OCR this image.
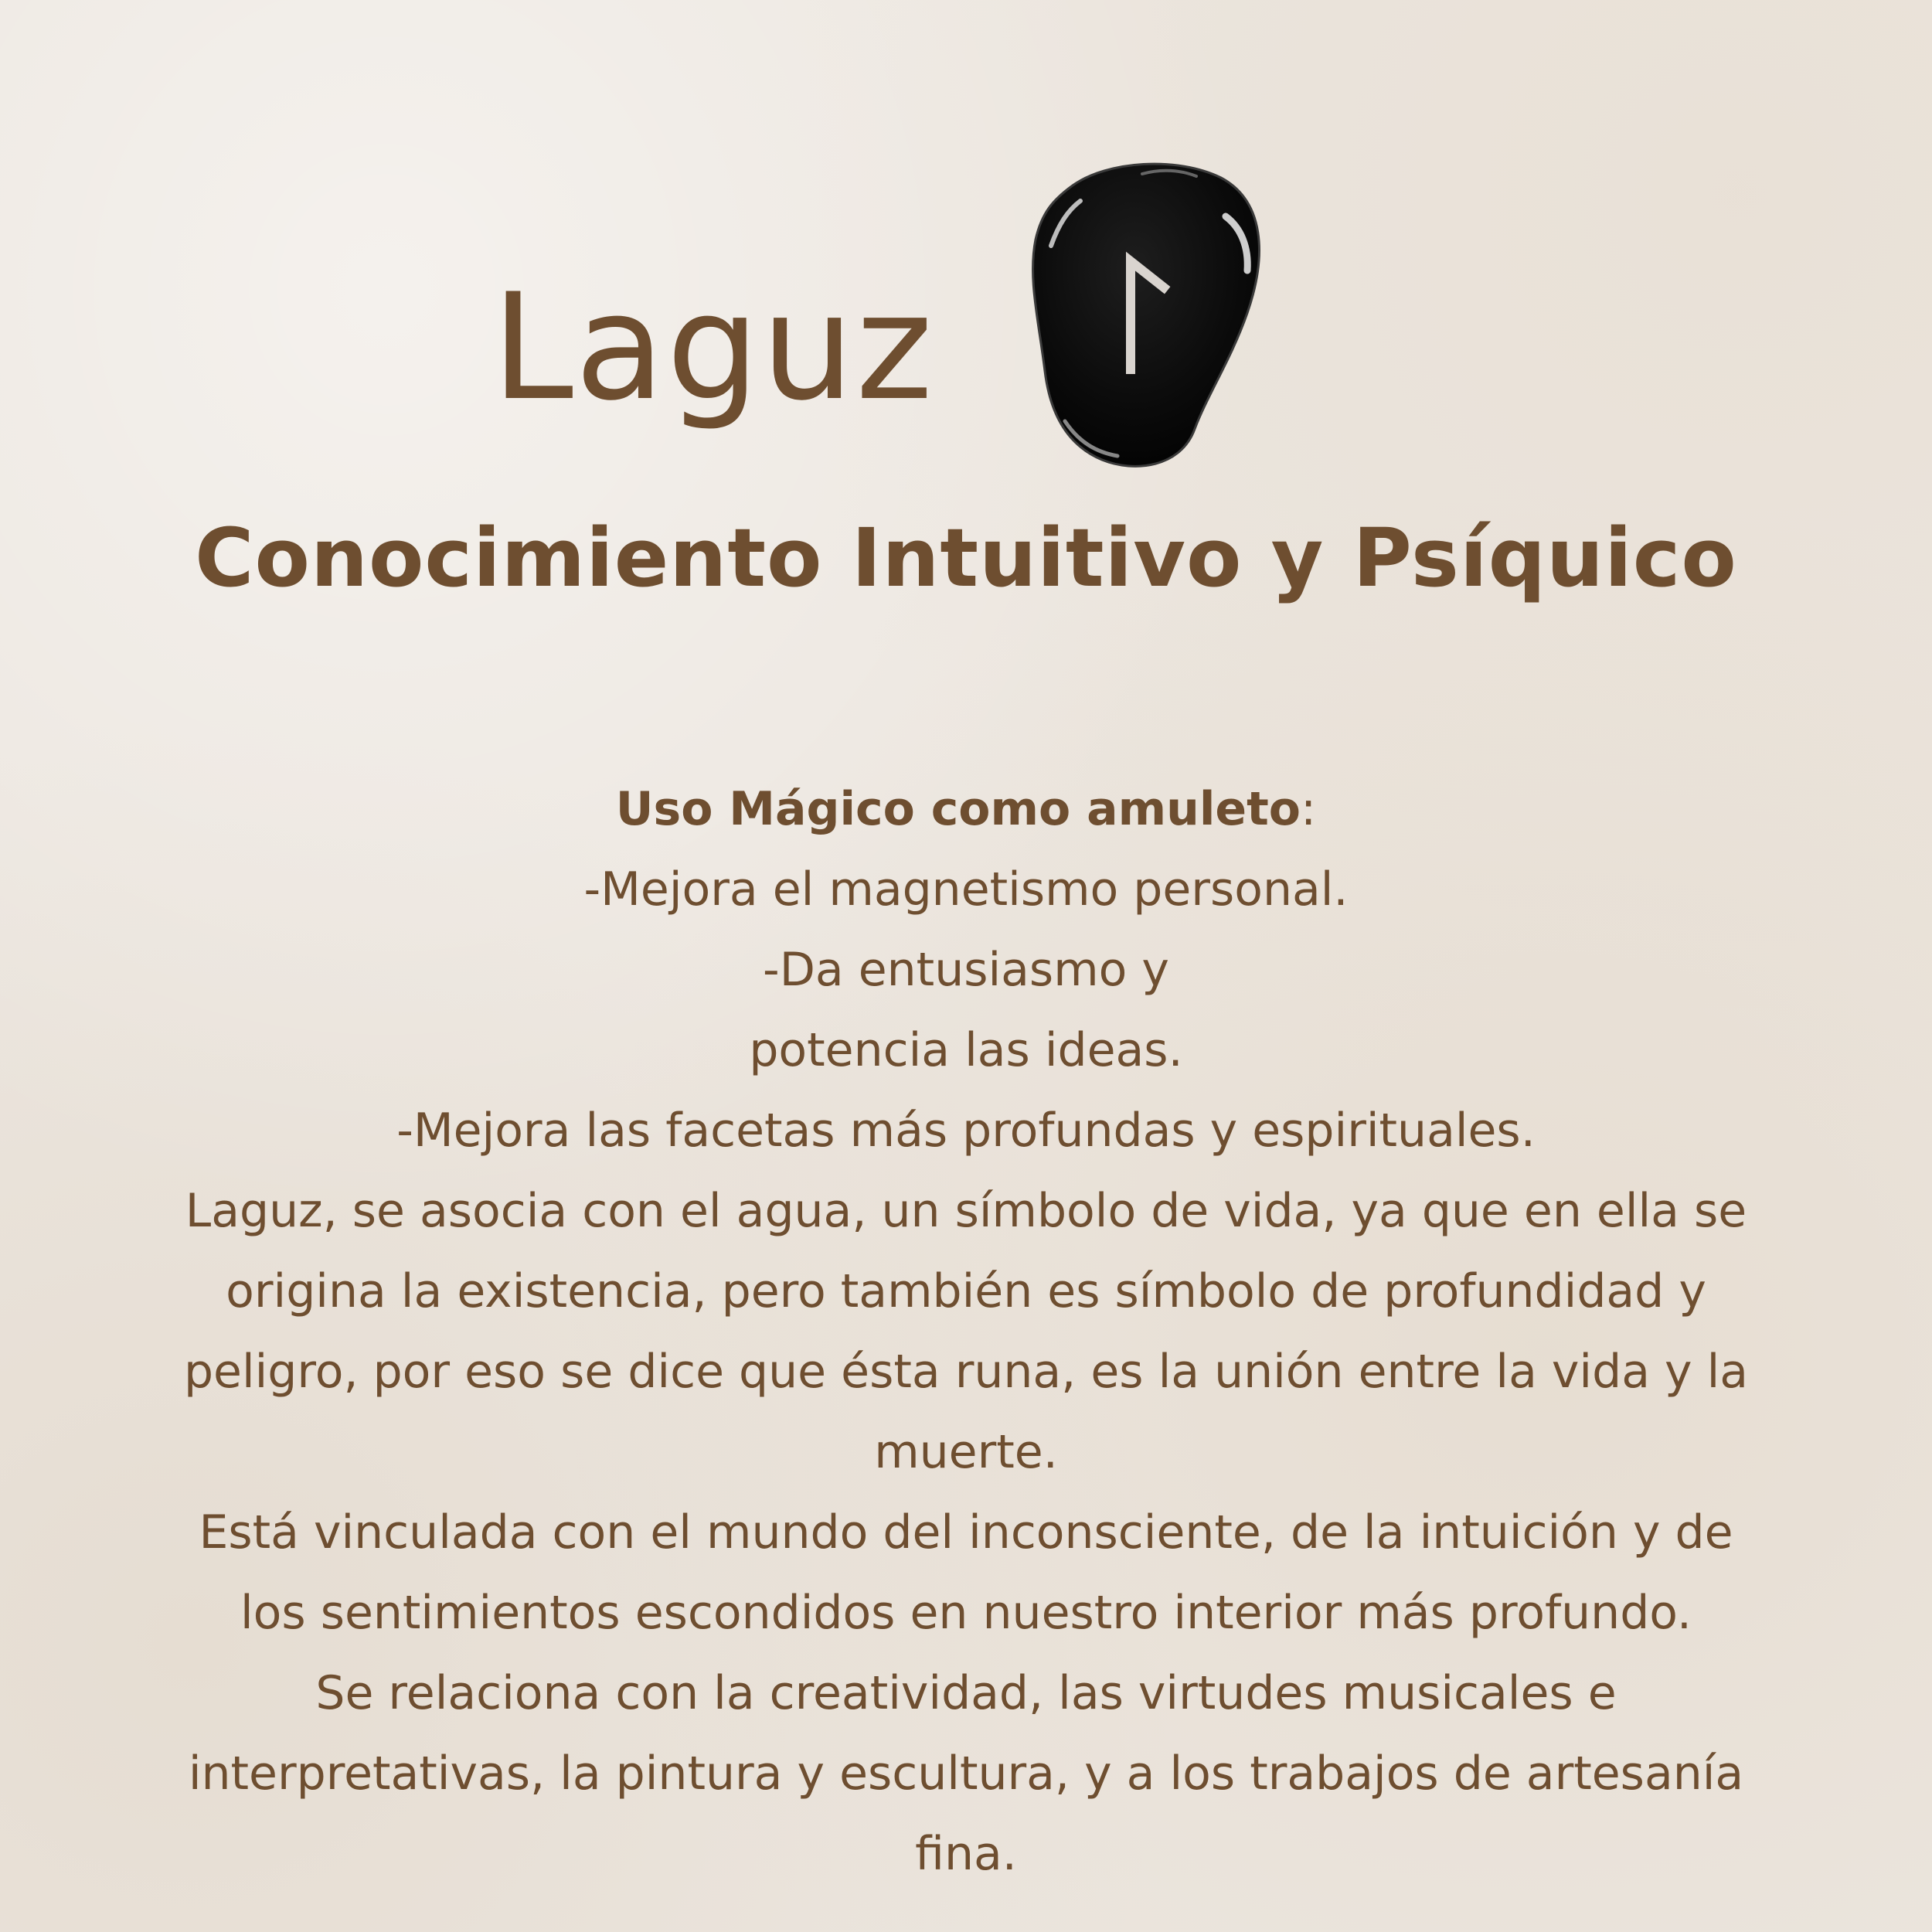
Laguz
Conocimiento Intuitivo y Psíquico
Uso Mágico como amuleto:
-Mejora el magnetismo personal.
-Da entusiasmo y
potencia las ideas.
-Mejora las facetas más profundas y espirituales.
Laguz, se asocia con el agua, un símbolo de vida, ya que en ella se
origina la existencia, pero también es símbolo de profundidad y
peligro, por eso se dice que ésta runa, es la unión entre la vida y la
muerte.
Está vinculada con el mundo del inconsciente, de la intuición y de
los sentimientos escondidos en nuestro interior más profundo.
Se relaciona con la creatividad, las virtudes musicales e
interpretativas, la pintura y escultura, y a los trabajos de artesanía
fina.
